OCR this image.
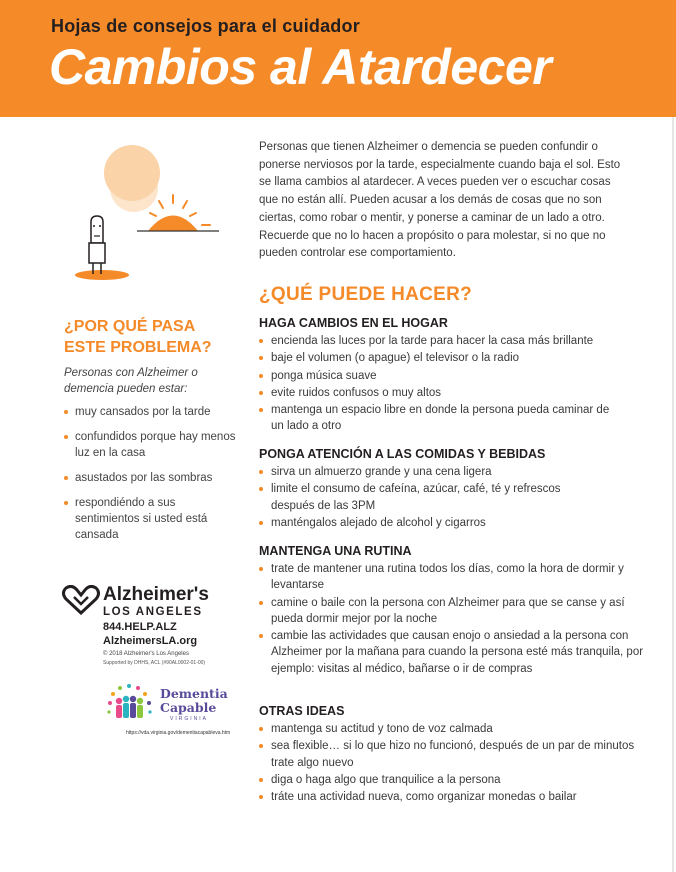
Hojas de consejos para el cuidador
Cambios al Atardecer
¿POR QUÉ PASA ESTE PROBLEMA?
Personas con Alzheimer o demencia pueden estar:
muy cansados por la tarde
confundidos porque hay menos luz en la casa
asustados por las sombras
respondiéndo a sus sentimientos si usted está cansada
Alzheimer's
LOS ANGELES
844.HELP.ALZ
AlzheimersLA.org
© 2018 Alzheimer's Los Angeles
Supported by DHHS, ACL (#90AL0002-01-00)
Dementia
Capable
VIRGINIA
https://vda.virginia.gov/dementiacapableva.htm
Personas que tienen Alzheimer o demencia se pueden confundir o ponerse nerviosos por la tarde, especialmente cuando baja el sol. Esto se llama cambios al atardecer. A veces pueden ver o escuchar cosas que no están allí. Pueden acusar a los demás de cosas que no son ciertas, como robar o mentir, y ponerse a caminar de un lado a otro. Recuerde que no lo hacen a propósito o para molestar, si no que no pueden controlar ese comportamiento.
¿QUÉ PUEDE HACER?
HAGA CAMBIOS EN EL HOGAR
encienda las luces por la tarde para hacer la casa más brillante
baje el volumen (o apague) el televisor o la radio
ponga música suave
evite ruidos confusos o muy altos
mantenga un espacio libre en donde la persona pueda caminar de un lado a otro
PONGA ATENCIÓN A LAS COMIDAS Y BEBIDAS
sirva un almuerzo grande y una cena ligera
limite el consumo de cafeína, azúcar, café, té y refrescos después de las 3PM
manténgalos alejado de alcohol y cigarros
MANTENGA UNA RUTINA
trate de mantener una rutina todos los días, como la hora de dormir y levantarse
camine o baile con la persona con Alzheimer para que se canse y así pueda dormir mejor por la noche
cambie las actividades que causan enojo o ansiedad a la persona con Alzheimer por la mañana para cuando la persona esté más tranquila, por ejemplo: visitas al médico, bañarse o ir de compras
OTRAS IDEAS
mantenga su actitud y tono de voz calmada
sea flexible… si lo que hizo no funcionó, después de un par de minutos trate algo nuevo
diga o haga algo que tranquilice a la persona
tráte una actividad nueva, como organizar monedas o bailar
